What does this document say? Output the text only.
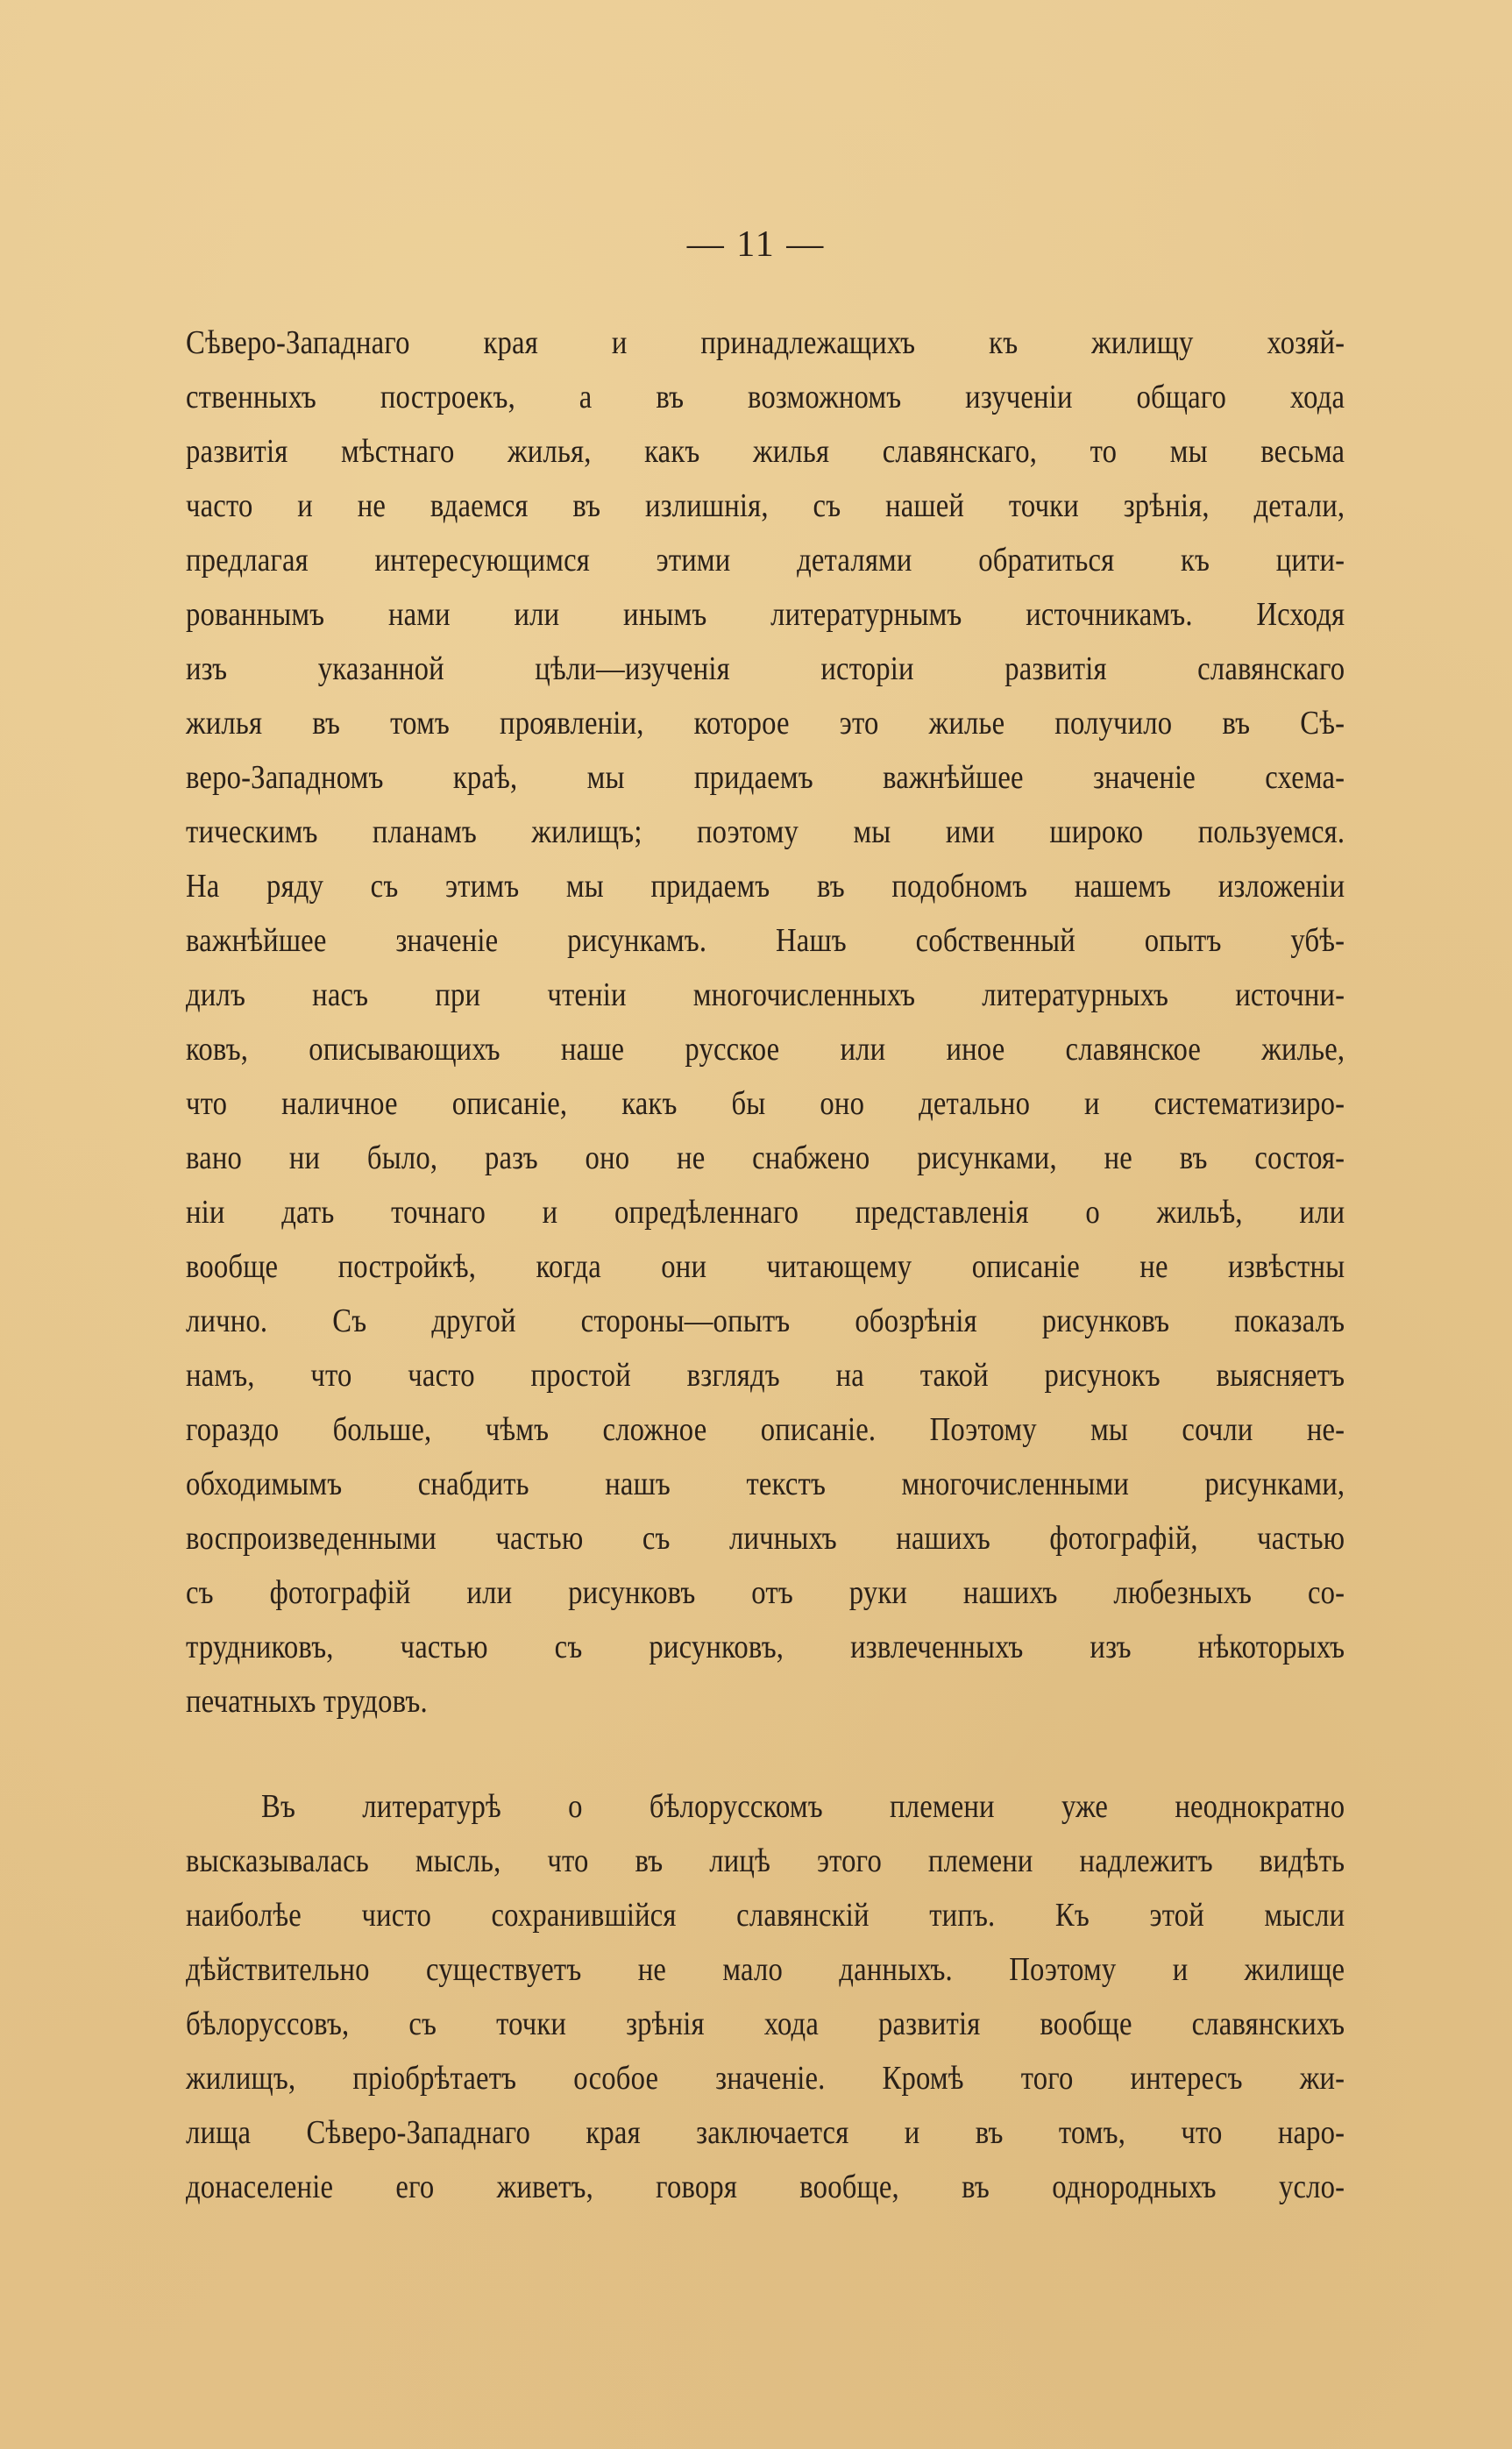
— 11 —
Сѣверо-Западнаго края и принадлежащихъ къ жилищу хозяй-
ственныхъ построекъ, а въ возможномъ изученіи общаго хода
развитія мѣстнаго жилья, какъ жилья славянскаго, то мы весьма
часто и не вдаемся въ излишнія, съ нашей точки зрѣнія, детали,
предлагая интересующимся этими деталями обратиться къ цити-
рованнымъ нами или инымъ литературнымъ источникамъ. Исходя
изъ указанной цѣли—изученія исторіи развитія славянскаго
жилья въ томъ проявленіи, которое это жилье получило въ Сѣ-
веро-Западномъ краѣ, мы придаемъ важнѣйшее значеніе схема-
тическимъ планамъ жилищъ; поэтому мы ими широко пользуемся.
На ряду съ этимъ мы придаемъ въ подобномъ нашемъ изложеніи
важнѣйшее значеніе рисункамъ. Нашъ собственный опытъ убѣ-
дилъ насъ при чтеніи многочисленныхъ литературныхъ источни-
ковъ, описывающихъ наше русское или иное славянское жилье,
что наличное описаніе, какъ бы оно детально и систематизиро-
вано ни было, разъ оно не снабжено рисунками, не въ состоя-
ніи дать точнаго и опредѣленнаго представленія о жильѣ, или
вообще постройкѣ, когда они читающему описаніе не извѣстны
лично. Съ другой стороны—опытъ обозрѣнія рисунковъ показалъ
намъ, что часто простой взглядъ на такой рисунокъ выясняетъ
гораздо больше, чѣмъ сложное описаніе. Поэтому мы сочли не-
обходимымъ снабдить нашъ текстъ многочисленными рисунками,
воспроизведенными частью съ личныхъ нашихъ фотографій, частью
съ фотографій или рисунковъ отъ руки нашихъ любезныхъ со-
трудниковъ, частью съ рисунковъ, извлеченныхъ изъ нѣкоторыхъ
печатныхъ трудовъ.
Въ литературѣ о бѣлорусскомъ племени уже неоднократно
высказывалась мысль, что въ лицѣ этого племени надлежитъ видѣть
наиболѣе чисто сохранившійся славянскій типъ. Къ этой мысли
дѣйствительно существуетъ не мало данныхъ. Поэтому и жилище
бѣлоруссовъ, съ точки зрѣнія хода развитія вообще славянскихъ
жилищъ, пріобрѣтаетъ особое значеніе. Кромѣ того интересъ жи-
лища Сѣверо-Западнаго края заключается и въ томъ, что наро-
донаселеніе его живетъ, говоря вообще, въ однородныхъ усло-
